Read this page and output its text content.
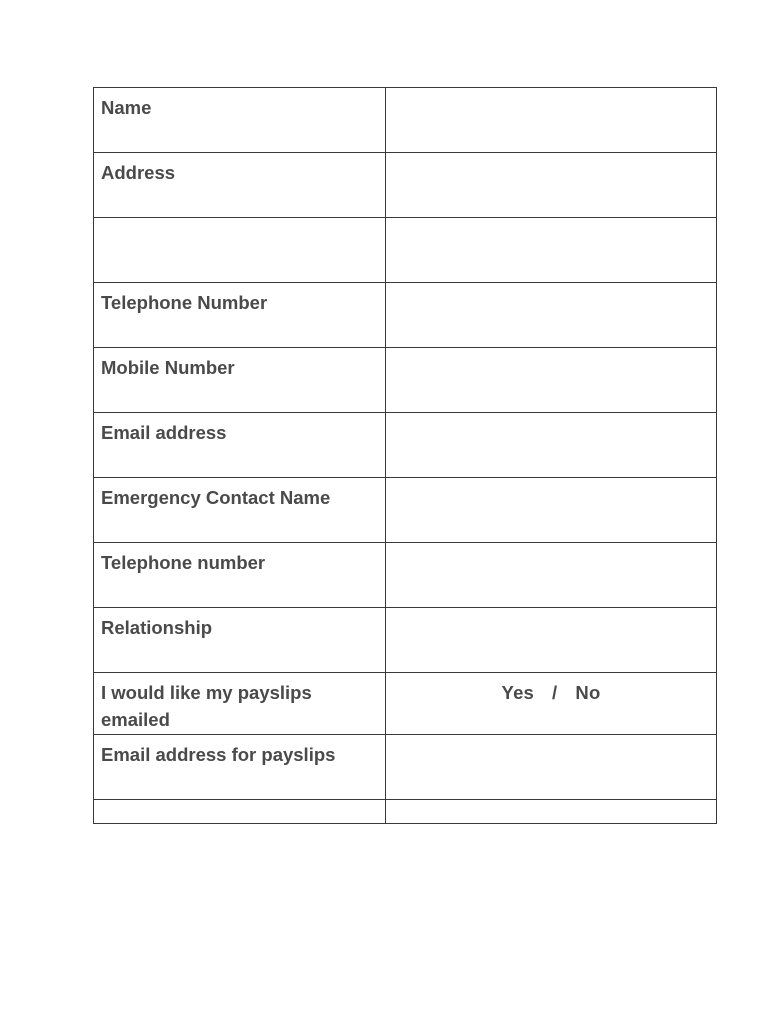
Name	

Address	

Telephone Number	

Mobile Number	

Email address	

Emergency Contact Name	

Telephone number	

Relationship	

I would like my payslips emailed	Yes / No

Email address for payslips	
